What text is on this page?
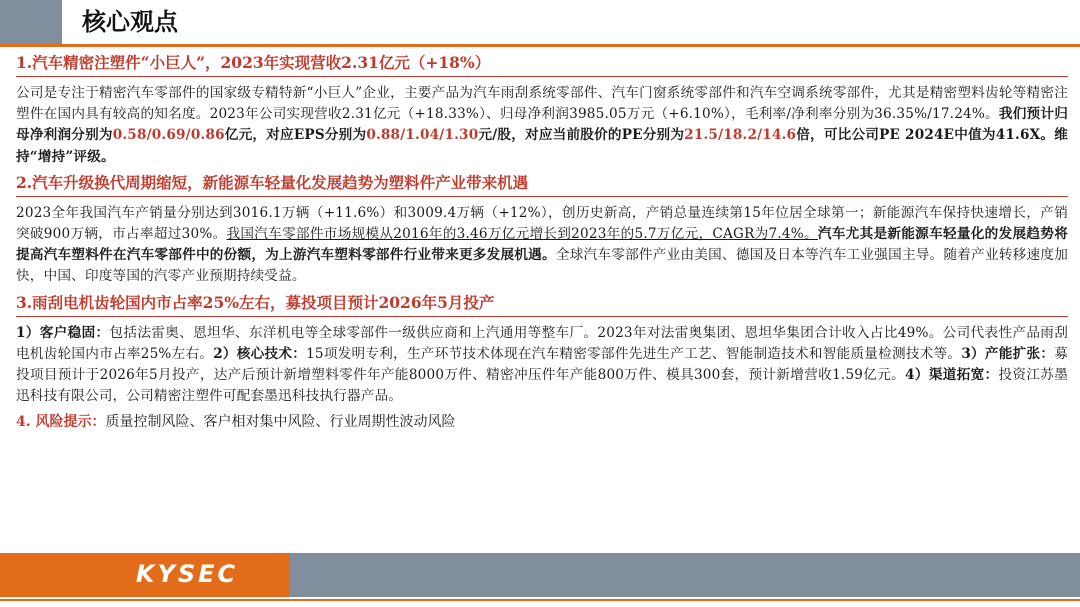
核心观点
1.汽车精密注塑件“小巨人”，2023年实现营收2.31亿元（+18%）

公司是专注于精密汽车零部件的国家级专精特新“小巨人”企业，主要产品为汽车雨刮系统零部件、汽车门窗系统零部件和汽车空调系统零部件，尤其是精密塑料齿轮等精密注塑件在国内具有较高的知名度。2023年公司实现营收2.31亿元（+18.33%）、归母净利润3985.05万元（+6.10%），毛利率/净利率分别为36.35%/17.24%。我们预计归母净利润分别为0.58/0.69/0.86亿元，对应EPS分别为0.88/1.04/1.30元/股，对应当前股价的PE分别为21.5/18.2/14.6倍，可比公司PE 2024E中值为41.6X。维持“增持”评级。

2.汽车升级换代周期缩短，新能源车轻量化发展趋势为塑料件产业带来机遇

2023全年我国汽车产销量分别达到3016.1万辆（+11.6%）和3009.4万辆（+12%），创历史新高，产销总量连续第15年位居全球第一；新能源汽车保持快速增长，产销突破900万辆，市占率超过30%。我国汽车零部件市场规模从2016年的3.46万亿元增长到2023年的5.7万亿元，CAGR为7.4%。汽车尤其是新能源车轻量化的发展趋势将提高汽车塑料件在汽车零部件中的份额，为上游汽车塑料零部件行业带来更多发展机遇。全球汽车零部件产业由美国、德国及日本等汽车工业强国主导。随着产业转移速度加快，中国、印度等国的汽零产业预期持续受益。

3.雨刮电机齿轮国内市占率25%左右，募投项目预计2026年5月投产

1）客户稳固：包括法雷奥、恩坦华、东洋机电等全球零部件一级供应商和上汽通用等整车厂。2023年对法雷奥集团、恩坦华集团合计收入占比49%。公司代表性产品雨刮电机齿轮国内市占率25%左右。2）核心技术：15项发明专利，生产环节技术体现在汽车精密零部件先进生产工艺、智能制造技术和智能质量检测技术等。3）产能扩张：募投项目预计于2026年5月投产，达产后预计新增塑料零件年产能8000万件、精密冲压件年产能800万件、模具300套，预计新增营收1.59亿元。4）渠道拓宽：投资江苏墨迅科技有限公司，公司精密注塑件可配套墨迅科技执行器产品。

4. 风险提示：质量控制风险、客户相对集中风险、行业周期性波动风险
KYSEC
